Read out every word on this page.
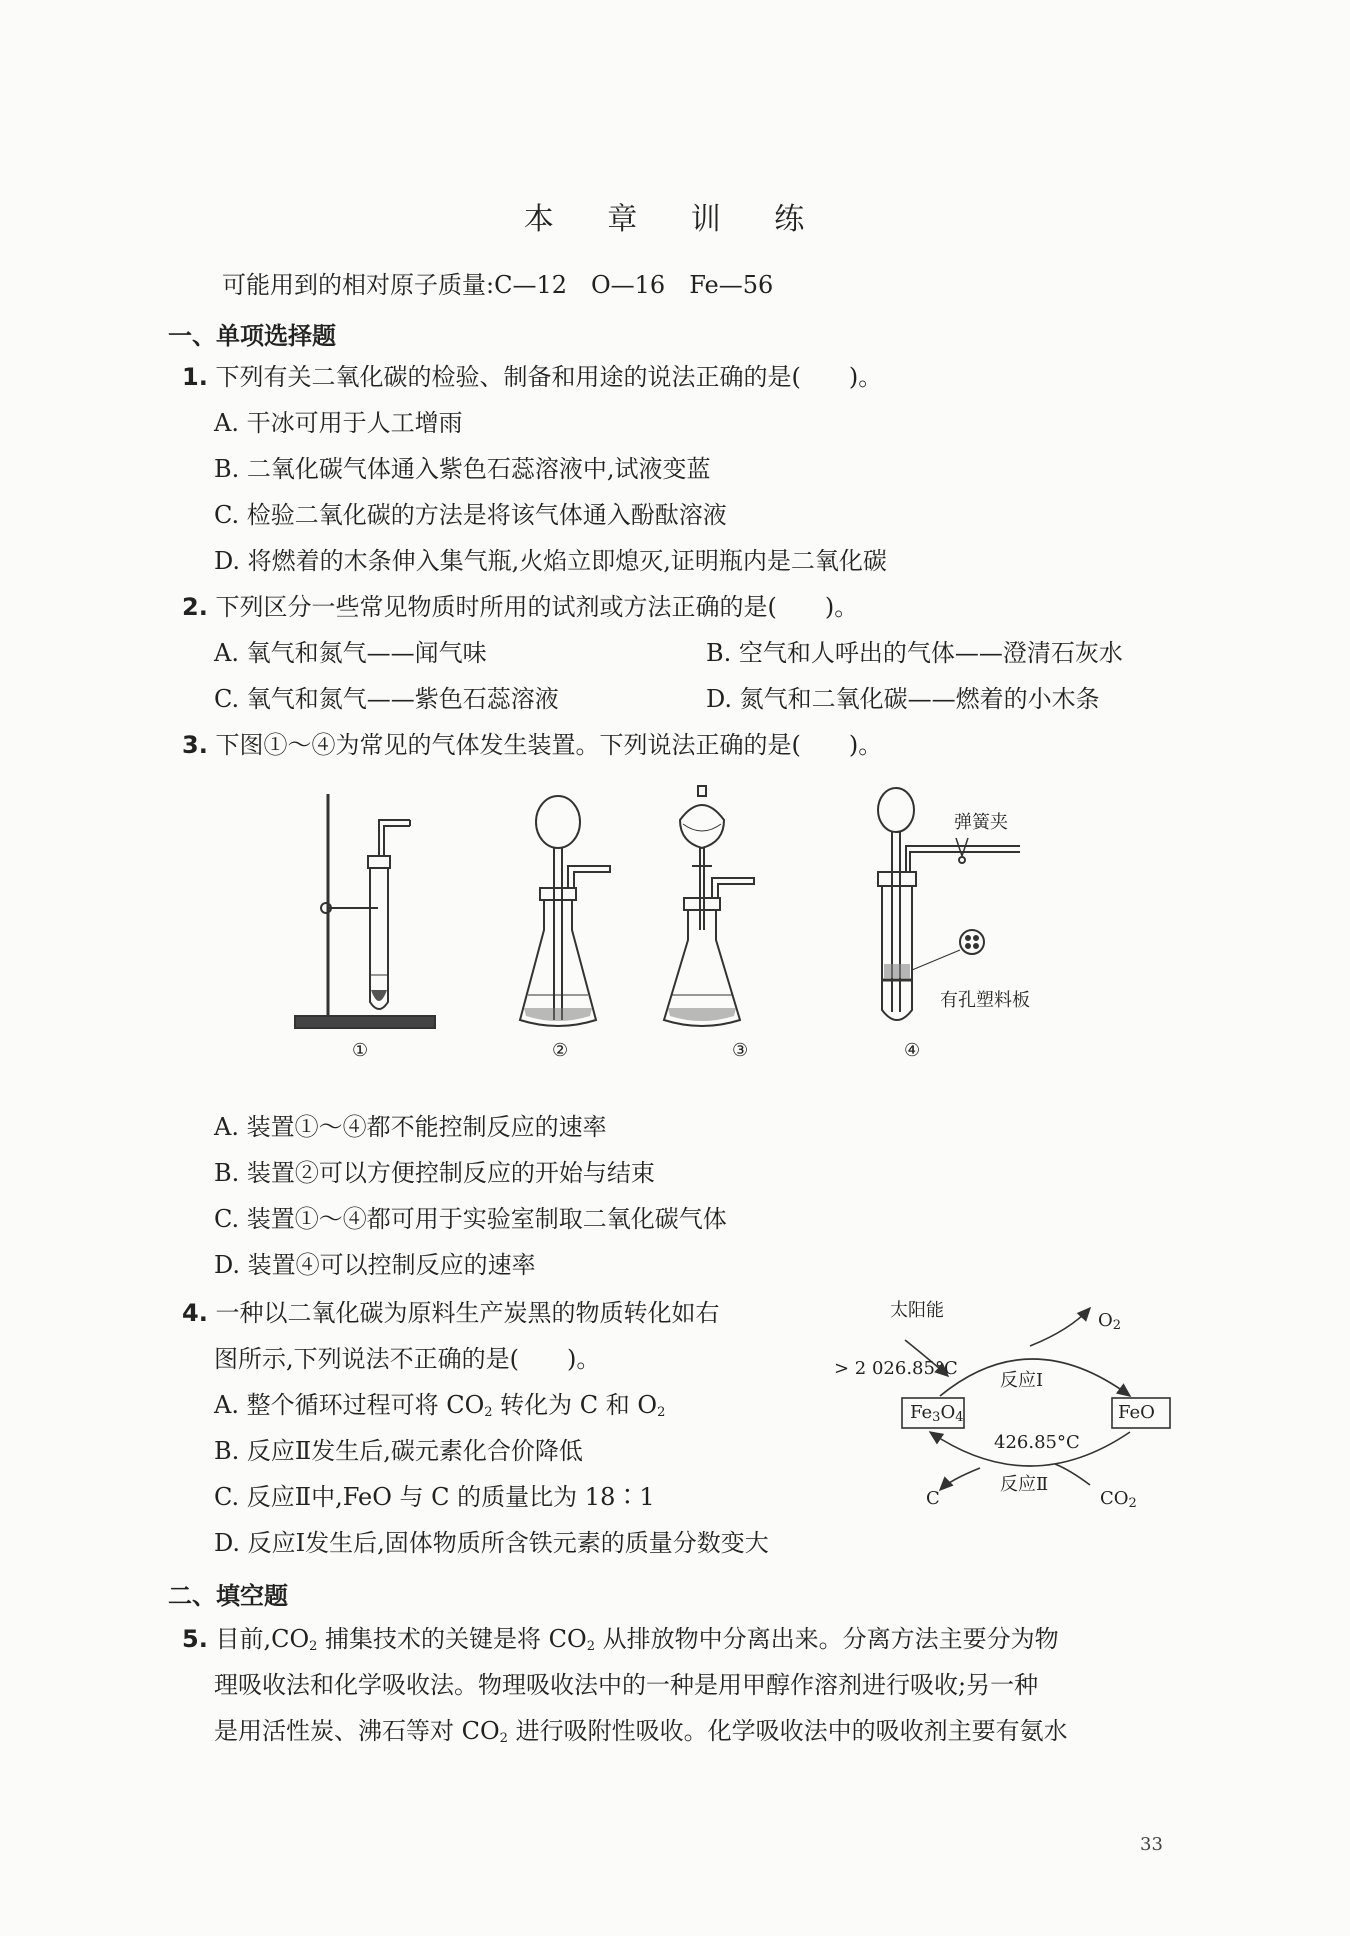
本 章 训 练
可能用到的相对原子质量:C—12　O—16　Fe—56
一、单项选择题
1. 下列有关二氧化碳的检验、制备和用途的说法正确的是(　　)。
A. 干冰可用于人工增雨
B. 二氧化碳气体通入紫色石蕊溶液中,试液变蓝
C. 检验二氧化碳的方法是将该气体通入酚酞溶液
D. 将燃着的木条伸入集气瓶,火焰立即熄灭,证明瓶内是二氧化碳
2. 下列区分一些常见物质时所用的试剂或方法正确的是(　　)。
A. 氧气和氮气——闻气味	B. 空气和人呼出的气体——澄清石灰水
C. 氧气和氮气——紫色石蕊溶液	D. 氮气和二氧化碳——燃着的小木条
3. 下图①～④为常见的气体发生装置。下列说法正确的是(　　)。
弹簧夹
有孔塑料板
①	②	③	④
A. 装置①～④都不能控制反应的速率
B. 装置②可以方便控制反应的开始与结束
C. 装置①～④都可用于实验室制取二氧化碳气体
D. 装置④可以控制反应的速率
4. 一种以二氧化碳为原料生产炭黑的物质转化如右
图所示,下列说法不正确的是(　　)。
A. 整个循环过程可将 $CO_2$ 转化为 C 和 $O_2$
B. 反应Ⅱ发生后,碳元素化合价降低
C. 反应Ⅱ中,FeO 与 C 的质量比为 18∶1
D. 反应Ⅰ发生后,固体物质所含铁元素的质量分数变大
太阳能	$O_2$
> 2 026.85°C
反应Ⅰ
$Fe_3O_4$	FeO
426.85°C
反应Ⅱ
C	$CO_2$
二、填空题
5. 目前$,CO_2$ 捕集技术的关键是将 $CO_2$ 从排放物中分离出来。分离方法主要分为物
理吸收法和化学吸收法。物理吸收法中的一种是用甲醇作溶剂进行吸收;另一种
是用活性炭、沸石等对 $CO_2$ 进行吸附性吸收。化学吸收法中的吸收剂主要有氨水
33
